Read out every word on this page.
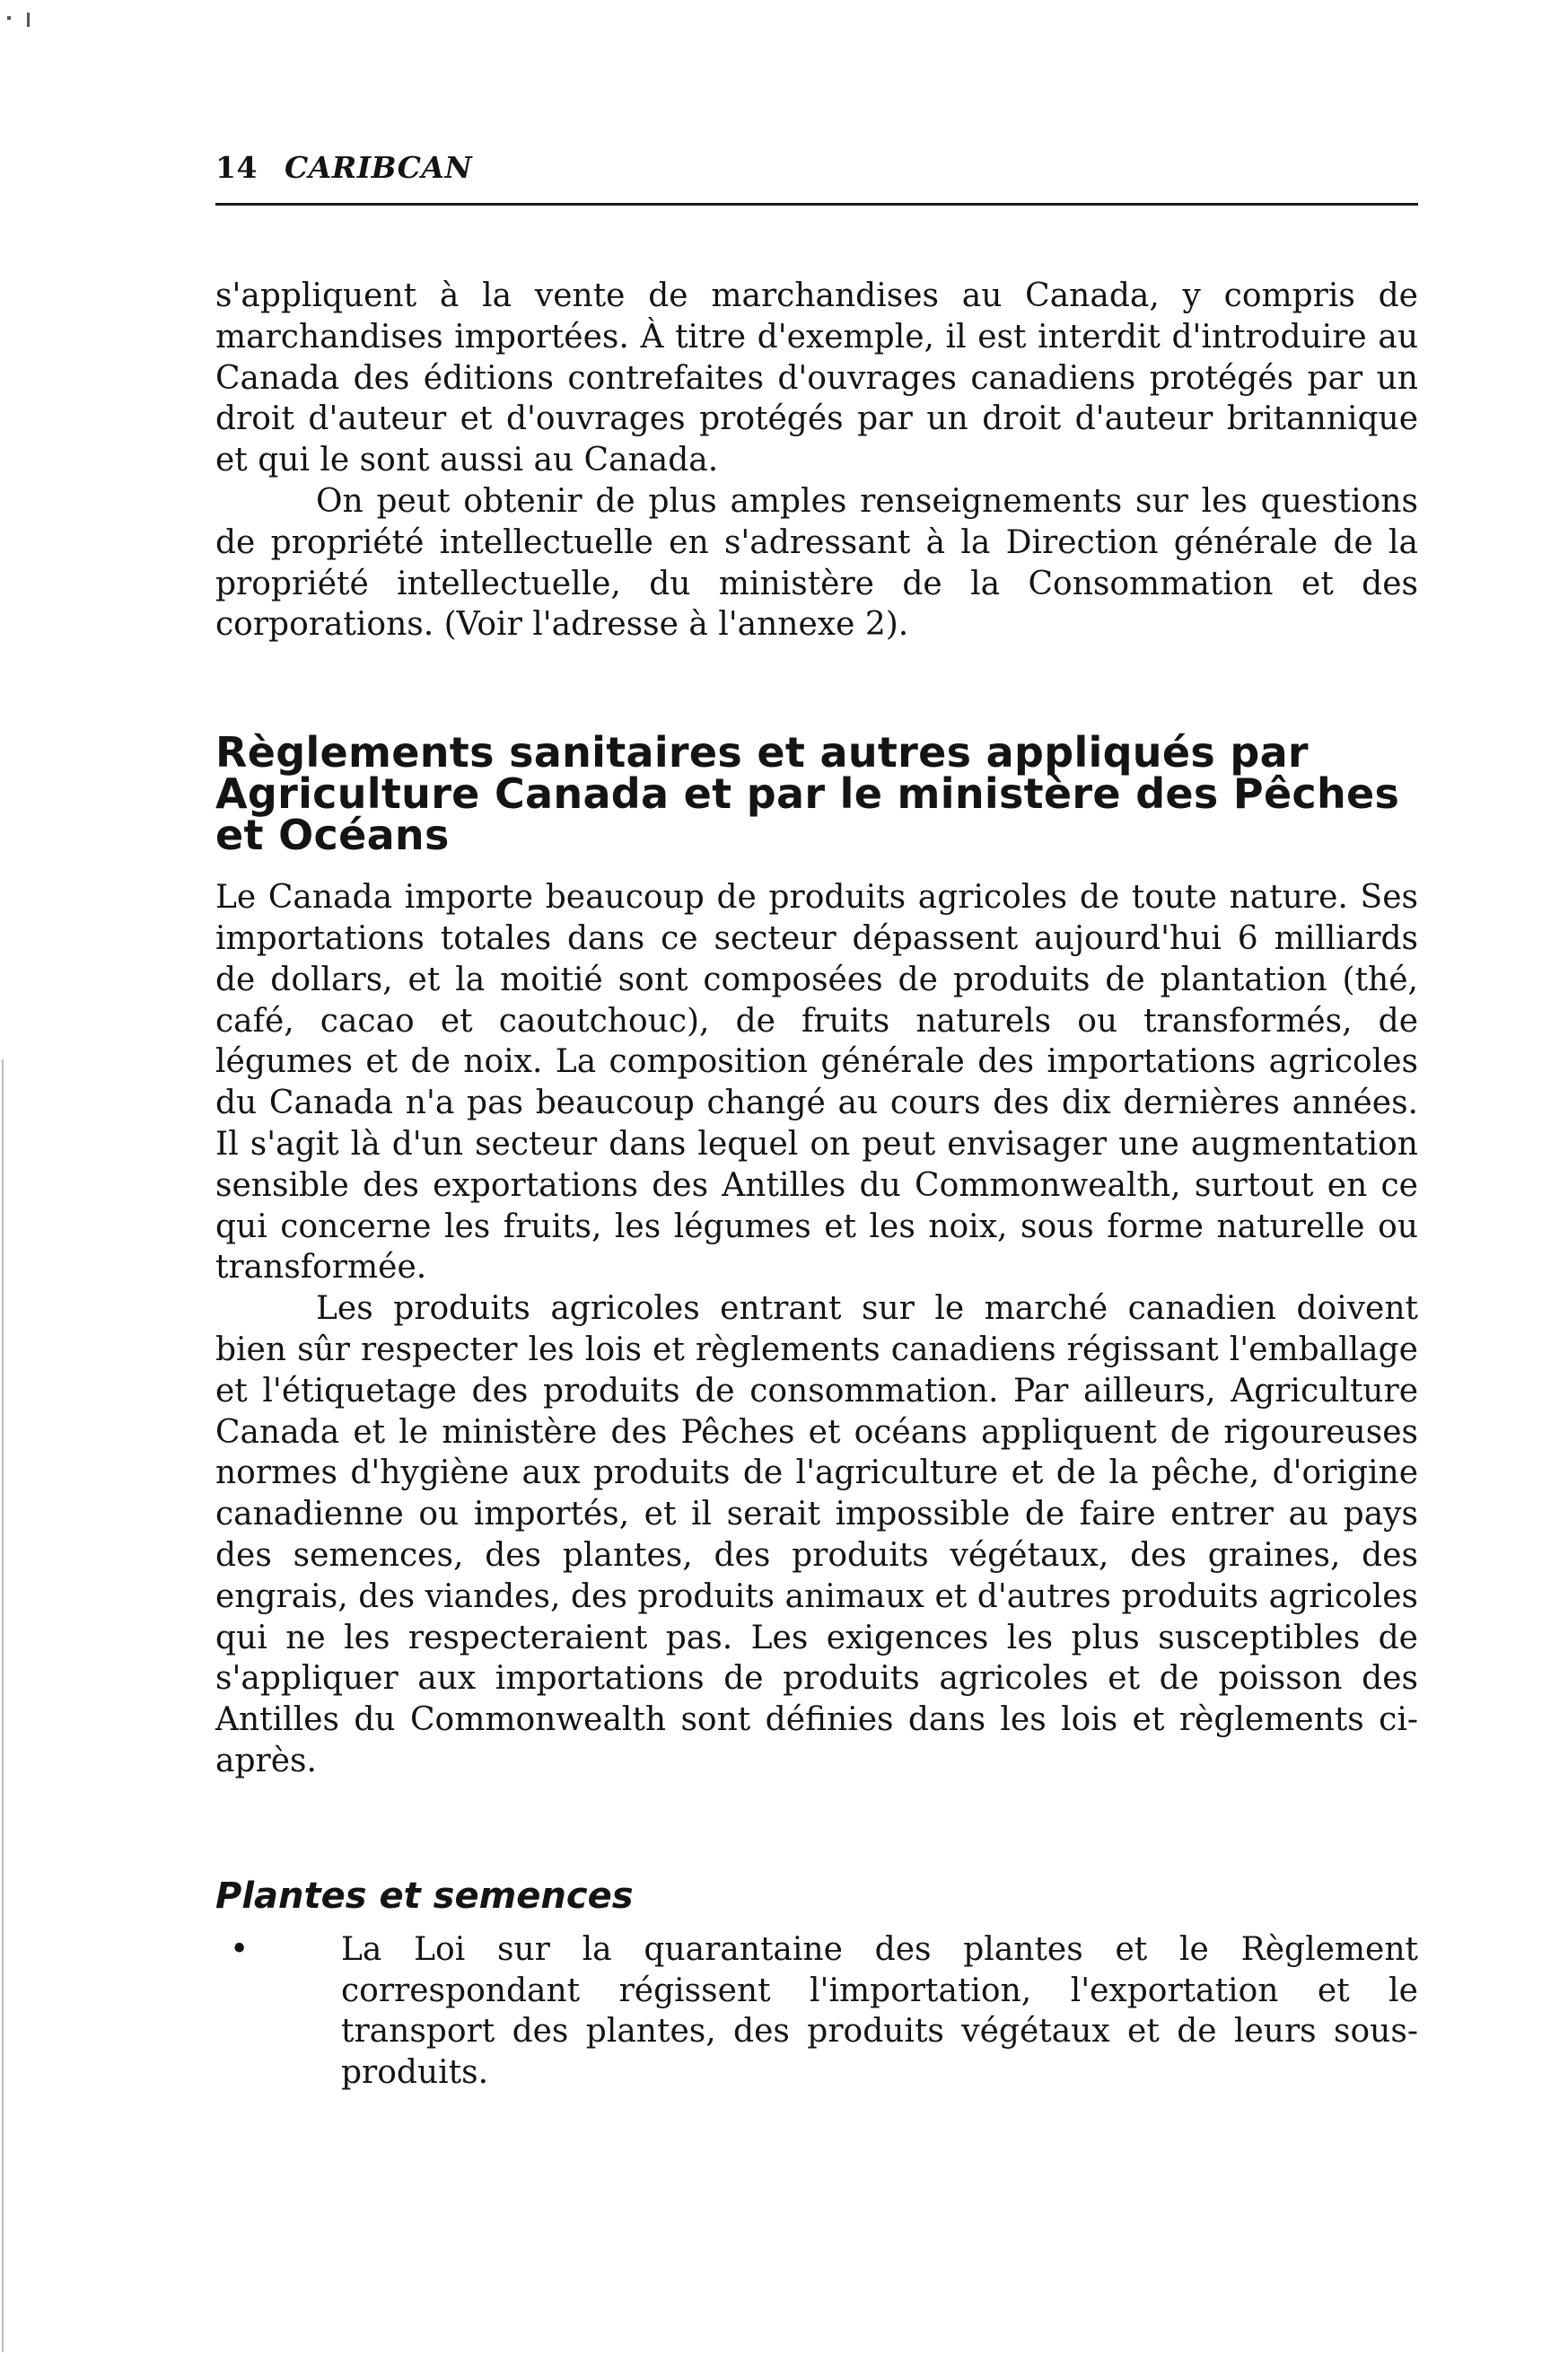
14 CARIBCAN

s'appliquent à la vente de marchandises au Canada, y compris de marchandises importées. À titre d'exemple, il est interdit d'introduire au Canada des éditions contrefaites d'ouvrages canadiens protégés par un droit d'auteur et d'ouvrages protégés par un droit d'auteur britannique et qui le sont aussi au Canada.

On peut obtenir de plus amples renseignements sur les questions de propriété intellectuelle en s'adressant à la Direction générale de la propriété intellectuelle, du ministère de la Consommation et des corporations. (Voir l'adresse à l'annexe 2).

Règlements sanitaires et autres appliqués par Agriculture Canada et par le ministère des Pêches et Océans

Le Canada importe beaucoup de produits agricoles de toute nature. Ses importations totales dans ce secteur dépassent aujourd'hui 6 milliards de dollars, et la moitié sont composées de produits de plantation (thé, café, cacao et caoutchouc), de fruits naturels ou transformés, de légumes et de noix. La composition générale des importations agricoles du Canada n'a pas beaucoup changé au cours des dix dernières années. Il s'agit là d'un secteur dans lequel on peut envisager une augmentation sensible des exportations des Antilles du Commonwealth, surtout en ce qui concerne les fruits, les légumes et les noix, sous forme naturelle ou transformée.

Les produits agricoles entrant sur le marché canadien doivent bien sûr respecter les lois et règlements canadiens régissant l'emballage et l'étiquetage des produits de consommation. Par ailleurs, Agriculture Canada et le ministère des Pêches et océans appliquent de rigoureuses normes d'hygiène aux produits de l'agriculture et de la pêche, d'origine canadienne ou importés, et il serait impossible de faire entrer au pays des semences, des plantes, des produits végétaux, des graines, des engrais, des viandes, des produits animaux et d'autres produits agricoles qui ne les respecteraient pas. Les exigences les plus susceptibles de s'appliquer aux importations de produits agricoles et de poisson des Antilles du Commonwealth sont définies dans les lois et règlements ci-après.

Plantes et semences
•	La Loi sur la quarantaine des plantes et le Règlement correspondant régissent l'importation, l'exportation et le transport des plantes, des produits végétaux et de leurs sous-produits.
